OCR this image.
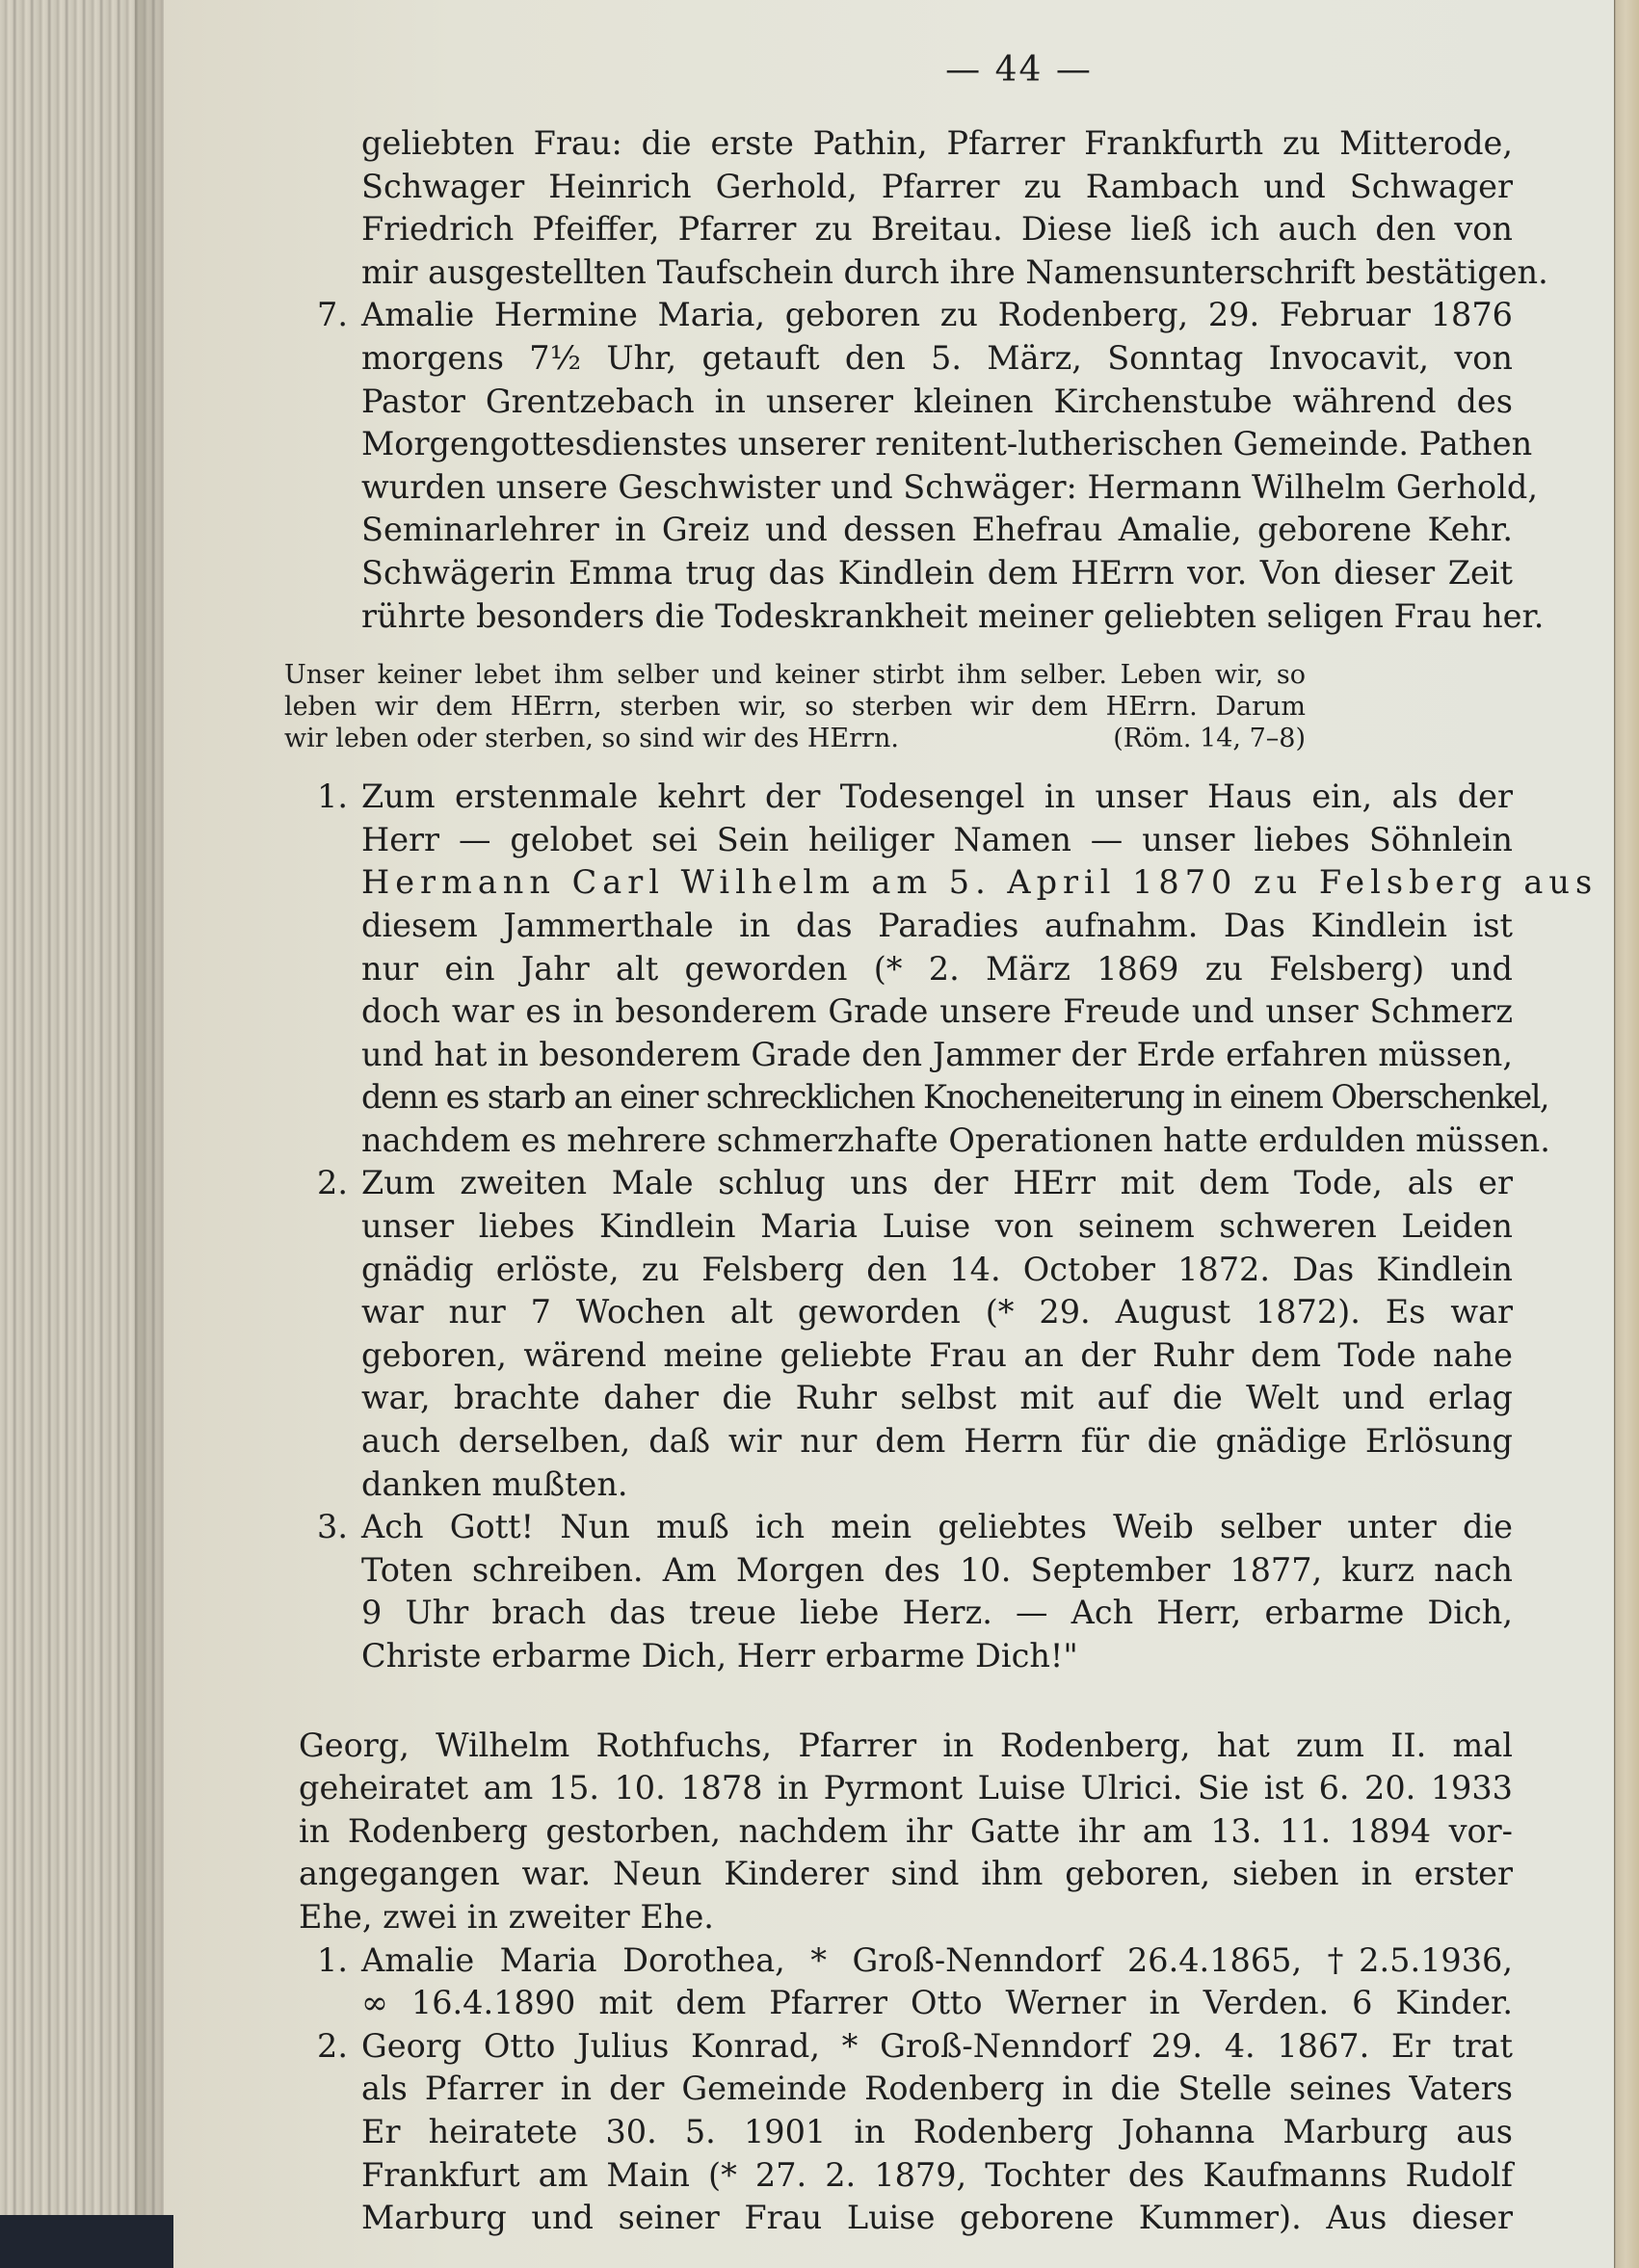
— 44 —

geliebten Frau: die erste Pathin, Pfarrer Frankfurth zu Mitterode,
Schwager Heinrich Gerhold, Pfarrer zu Rambach und Schwager
Friedrich Pfeiffer, Pfarrer zu Breitau. Diese ließ ich auch den von
mir ausgestellten Taufschein durch ihre Namensunterschrift bestätigen.

7. Amalie Hermine Maria, geboren zu Rodenberg, 29. Februar 1876
morgens 7½ Uhr, getauft den 5. März, Sonntag Invocavit, von
Pastor Grentzebach in unserer kleinen Kirchenstube während des
Morgengottesdienstes unserer renitent-lutherischen Gemeinde. Pathen
wurden unsere Geschwister und Schwäger: Hermann Wilhelm Gerhold,
Seminarlehrer in Greiz und dessen Ehefrau Amalie, geborene Kehr.
Schwägerin Emma trug das Kindlein dem HErrn vor. Von dieser Zeit
rührte besonders die Todeskrankheit meiner geliebten seligen Frau her.

Unser keiner lebet ihm selber und keiner stirbt ihm selber. Leben wir, so
leben wir dem HErrn, sterben wir, so sterben wir dem HErrn. Darum
wir leben oder sterben, so sind wir des HErrn.	(Röm. 14, 7–8)
1. Zum erstenmale kehrt der Todesengel in unser Haus ein, als der
Herr — gelobet sei Sein heiliger Namen — unser liebes Söhnlein
Hermann Carl Wilhelm am 5. April 1870 zu Felsberg aus
diesem Jammerthale in das Paradies aufnahm. Das Kindlein ist
nur ein Jahr alt geworden (* 2. März 1869 zu Felsberg) und
doch war es in besonderem Grade unsere Freude und unser Schmerz
und hat in besonderem Grade den Jammer der Erde erfahren müssen,
denn es starb an einer schrecklichen Knocheneiterung in einem Oberschenkel,
nachdem es mehrere schmerzhafte Operationen hatte erdulden müssen.

2. Zum zweiten Male schlug uns der HErr mit dem Tode, als er
unser liebes Kindlein Maria Luise von seinem schweren Leiden
gnädig erlöste, zu Felsberg den 14. October 1872. Das Kindlein
war nur 7 Wochen alt geworden (* 29. August 1872). Es war
geboren, wärend meine geliebte Frau an der Ruhr dem Tode nahe
war, brachte daher die Ruhr selbst mit auf die Welt und erlag
auch derselben, daß wir nur dem Herrn für die gnädige Erlösung
danken mußten.

3. Ach Gott! Nun muß ich mein geliebtes Weib selber unter die
Toten schreiben. Am Morgen des 10. September 1877, kurz nach
9 Uhr brach das treue liebe Herz. — Ach Herr, erbarme Dich,
Christe erbarme Dich, Herr erbarme Dich!"

Georg, Wilhelm Rothfuchs, Pfarrer in Rodenberg, hat zum II. mal
geheiratet am 15. 10. 1878 in Pyrmont Luise Ulrici. Sie ist 6. 20. 1933
in Rodenberg gestorben, nachdem ihr Gatte ihr am 13. 11. 1894 vor-
angegangen war. Neun Kinderer sind ihm geboren, sieben in erster
Ehe, zwei in zweiter Ehe.

1. Amalie Maria Dorothea, * Groß-Nenndorf 26.4.1865, †2.5.1936,
∞ 16.4.1890 mit dem Pfarrer Otto Werner in Verden. 6 Kinder.

2. Georg Otto Julius Konrad, * Groß-Nenndorf 29. 4. 1867. Er trat
als Pfarrer in der Gemeinde Rodenberg in die Stelle seines Vaters
Er heiratete 30. 5. 1901 in Rodenberg Johanna Marburg aus
Frankfurt am Main (* 27. 2. 1879, Tochter des Kaufmanns Rudolf
Marburg und seiner Frau Luise geborene Kummer). Aus dieser
